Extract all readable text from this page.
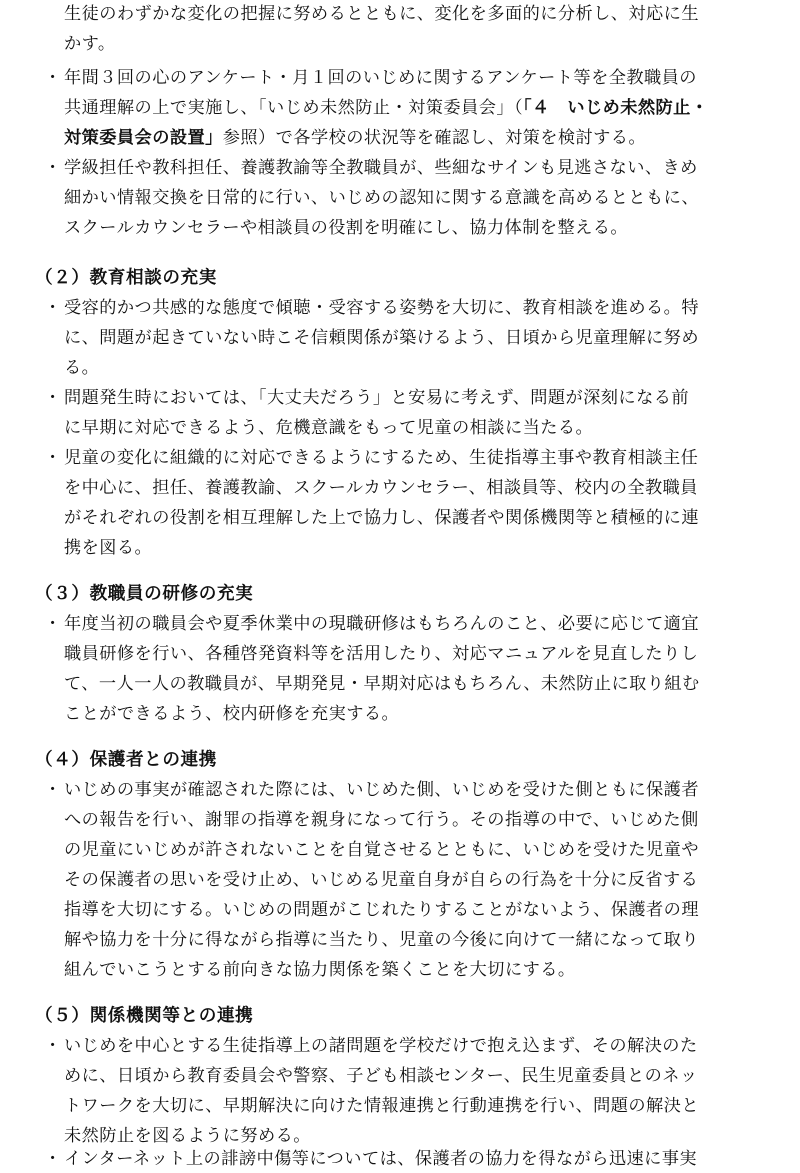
生徒のわずかな変化の把握に努めるとともに、変化を多面的に分析し、対応に生
かす。
・ 年間３回の心のアンケート・月１回のいじめに関するアンケート等を全教職員の
共通理解の上で実施し、「いじめ未然防止・対策委員会」（「４　いじめ未然防止・
対策委員会の設置」参照）で各学校の状況等を確認し、対策を検討する。
・ 学級担任や教科担任、養護教諭等全教職員が、些細なサインも見逃さない、きめ
細かい情報交換を日常的に行い、いじめの認知に関する意識を高めるとともに、
スクールカウンセラーや相談員の役割を明確にし、協力体制を整える。
（２）教育相談の充実
・ 受容的かつ共感的な態度で傾聴・受容する姿勢を大切に、教育相談を進める。特
に、問題が起きていない時こそ信頼関係が築けるよう、日頃から児童理解に努め
る。
・ 問題発生時においては、「大丈夫だろう」と安易に考えず、問題が深刻になる前
に早期に対応できるよう、危機意識をもって児童の相談に当たる。
・ 児童の変化に組織的に対応できるようにするため、生徒指導主事や教育相談主任
を中心に、担任、養護教諭、スクールカウンセラー、相談員等、校内の全教職員
がそれぞれの役割を相互理解した上で協力し、保護者や関係機関等と積極的に連
携を図る。
（３）教職員の研修の充実
・ 年度当初の職員会や夏季休業中の現職研修はもちろんのこと、必要に応じて適宜
職員研修を行い、各種啓発資料等を活用したり、対応マニュアルを見直したりし
て、一人一人の教職員が、早期発見・早期対応はもちろん、未然防止に取り組む
ことができるよう、校内研修を充実する。
（４）保護者との連携
・ いじめの事実が確認された際には、いじめた側、いじめを受けた側ともに保護者
への報告を行い、謝罪の指導を親身になって行う。その指導の中で、いじめた側
の児童にいじめが許されないことを自覚させるとともに、いじめを受けた児童や
その保護者の思いを受け止め、いじめる児童自身が自らの行為を十分に反省する
指導を大切にする。いじめの問題がこじれたりすることがないよう、保護者の理
解や協力を十分に得ながら指導に当たり、児童の今後に向けて一緒になって取り
組んでいこうとする前向きな協力関係を築くことを大切にする。
（５）関係機関等との連携
・ いじめを中心とする生徒指導上の諸問題を学校だけで抱え込まず、その解決のた
めに、日頃から教育委員会や警察、子ども相談センター、民生児童委員とのネッ
トワークを大切に、早期解決に向けた情報連携と行動連携を行い、問題の解決と
未然防止を図るように努める。
・ インターネット上の誹謗中傷等については、保護者の協力を得ながら迅速に事実
